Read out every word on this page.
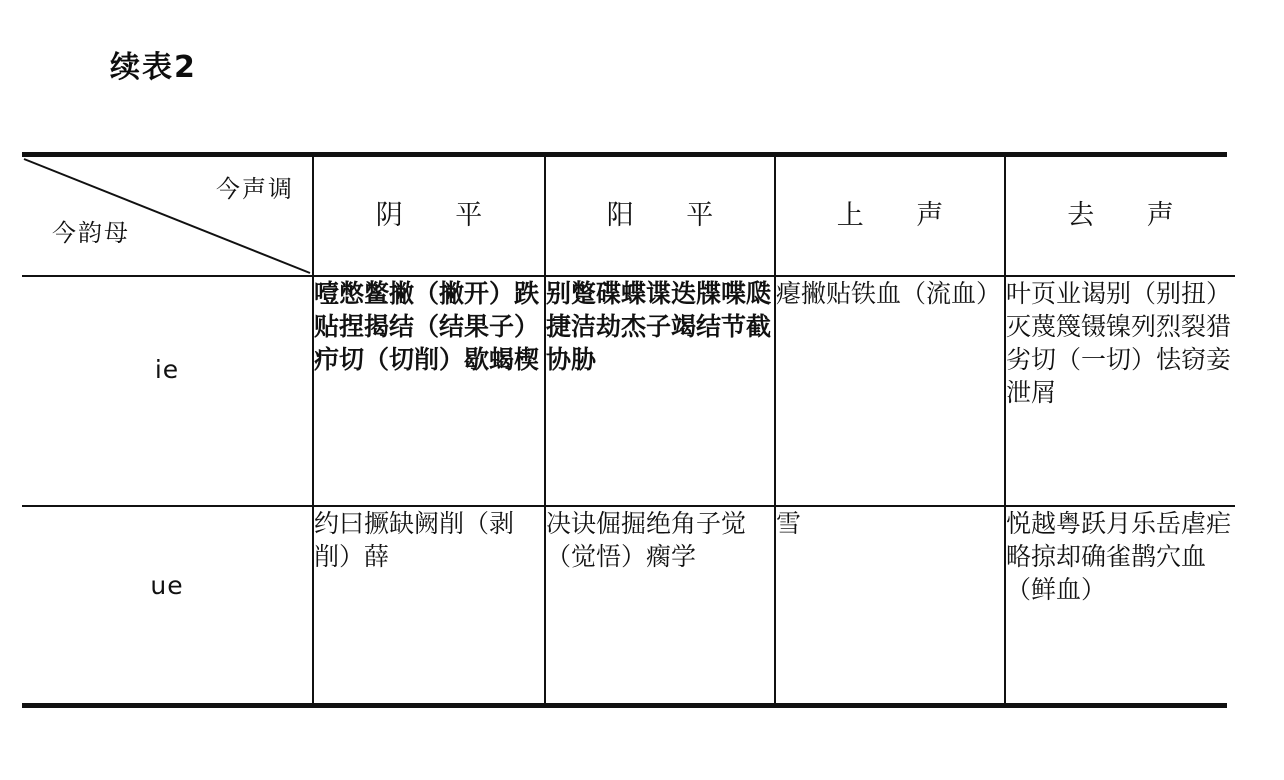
续表2
今声调
今韵母	阴 平	阳 平	上 声	去 声

ie	噎憋鳖撇（撇开）跌贴捏揭结（结果子）疖切（切削）歇蝎楔	别蹩碟蝶谍迭牒喋瓞捷洁劫杰子竭结节截协胁	瘪撇贴铁血（流血）	叶页业谒别（别扭）灭蔑篾镊镍列烈裂猎劣切（一切）怯窃妾泄屑

ue	约曰撅缺阙削（剥削）薛	决诀倔掘绝角子觉（觉悟）瘸学	雪	悦越粤跃月乐岳虐疟略掠却确雀鹊穴血（鲜血）
